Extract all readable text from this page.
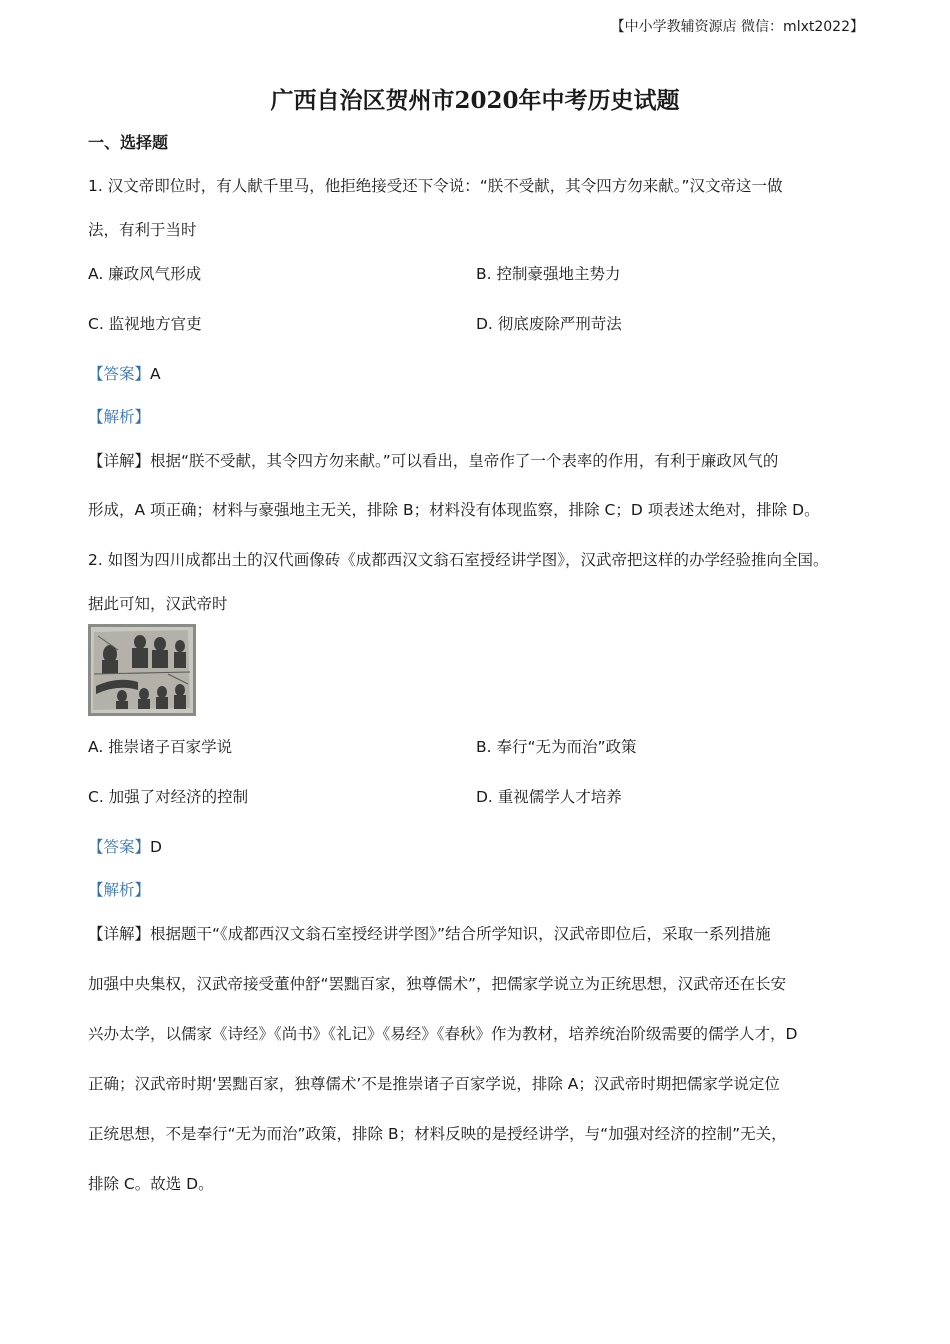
【中小学教辅资源店 微信：mlxt2022】
广西自治区贺州市2020年中考历史试题
一、选择题
1. 汉文帝即位时，有人献千里马，他拒绝接受还下令说：“朕不受献，其令四方勿来献。”汉文帝这一做
法，有利于当时
A. 廉政风气形成	B. 控制豪强地主势力
C. 监视地方官吏	D. 彻底废除严刑苛法
【答案】A
【解析】
【详解】根据“朕不受献，其令四方勿来献。”可以看出，皇帝作了一个表率的作用，有利于廉政风气的
形成，A 项正确；材料与豪强地主无关，排除 B；材料没有体现监察，排除 C；D 项表述太绝对，排除 D。
2. 如图为四川成都出土的汉代画像砖《成都西汉文翁石室授经讲学图》，汉武帝把这样的办学经验推向全国。
据此可知，汉武帝时
A. 推崇诸子百家学说	B. 奉行“无为而治”政策
C. 加强了对经济的控制	D. 重视儒学人才培养
【答案】D
【解析】
【详解】根据题干“《成都西汉文翁石室授经讲学图》”结合所学知识，汉武帝即位后，采取一系列措施
加强中央集权，汉武帝接受董仲舒“罢黜百家，独尊儒术”，把儒家学说立为正统思想，汉武帝还在长安
兴办太学，以儒家《诗经》《尚书》《礼记》《易经》《春秋》作为教材，培养统治阶级需要的儒学人才，D
正确；汉武帝时期‘罢黜百家，独尊儒术’不是推崇诸子百家学说，排除 A；汉武帝时期把儒家学说定位
正统思想，不是奉行“无为而治”政策，排除 B；材料反映的是授经讲学，与“加强对经济的控制”无关，
排除 C。故选 D。
